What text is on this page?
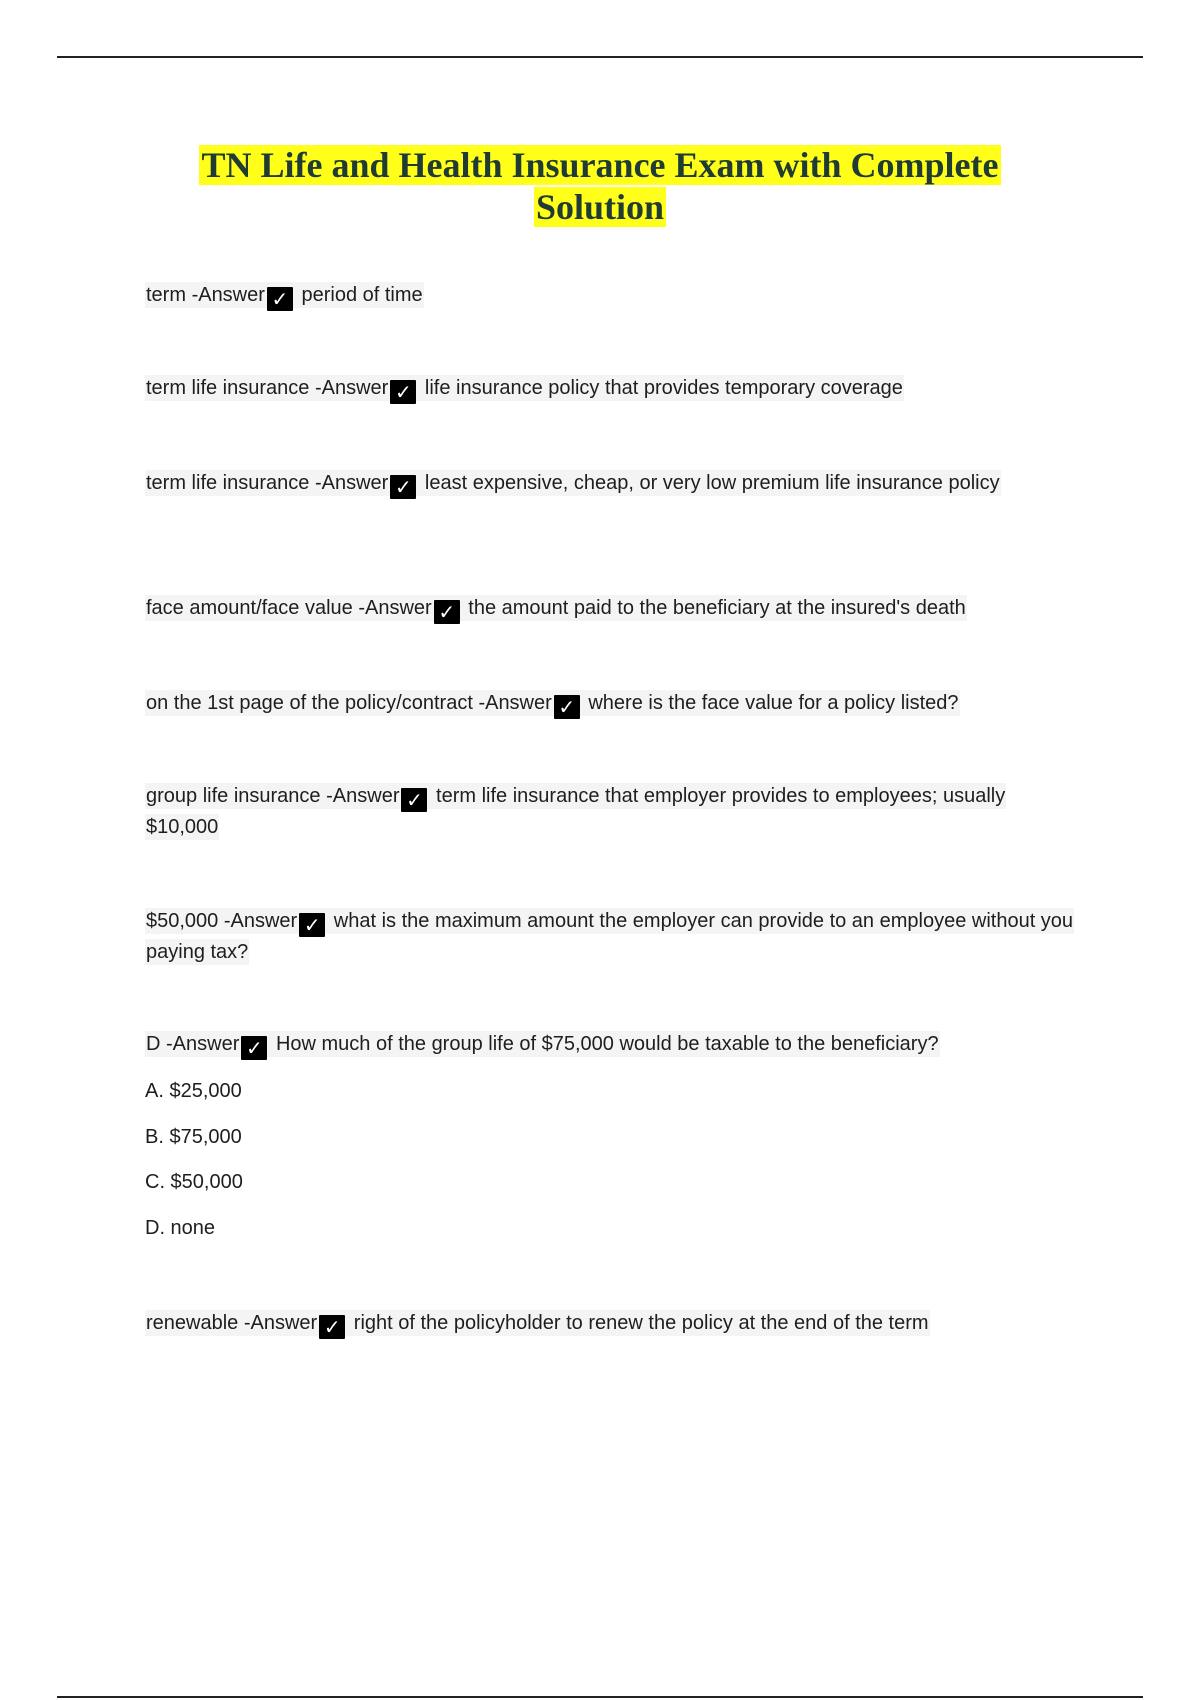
TN Life and Health Insurance Exam with Complete Solution
term -Answer ✓ period of time
term life insurance -Answer ✓ life insurance policy that provides temporary coverage
term life insurance -Answer ✓ least expensive, cheap, or very low premium life insurance policy
face amount/face value -Answer ✓ the amount paid to the beneficiary at the insured's death
on the 1st page of the policy/contract -Answer ✓ where is the face value for a policy listed?
group life insurance -Answer ✓ term life insurance that employer provides to employees; usually $10,000
$50,000 -Answer ✓ what is the maximum amount the employer can provide to an employee without you paying tax?
D -Answer ✓ How much of the group life of $75,000 would be taxable to the beneficiary?
A. $25,000
B. $75,000
C. $50,000
D. none
renewable -Answer ✓ right of the policyholder to renew the policy at the end of the term
